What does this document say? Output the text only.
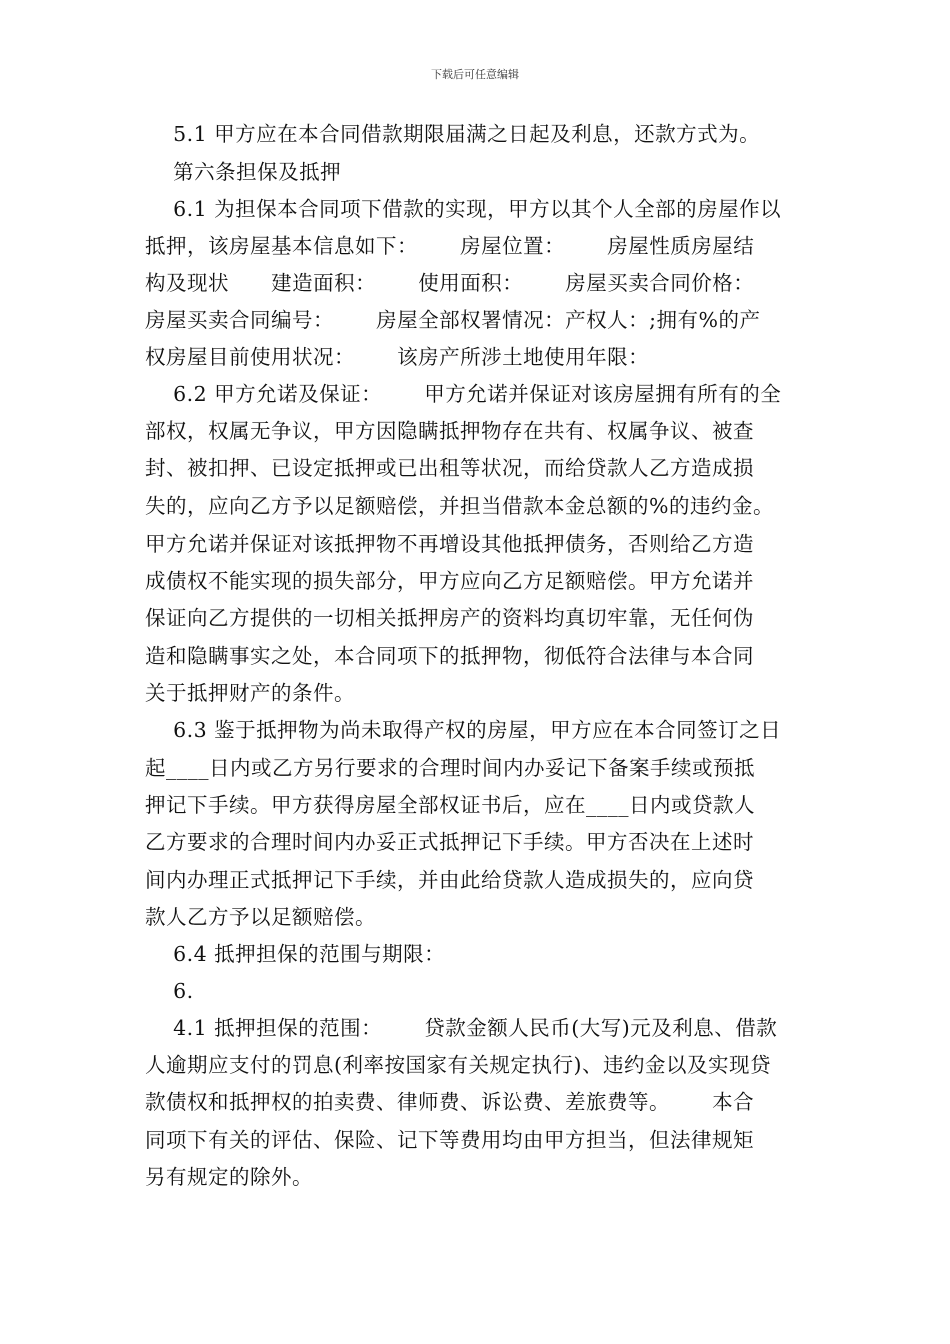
下载后可任意编辑
5.1 甲方应在本合同借款期限届满之日起及利息，还款方式为。
第六条担保及抵押
6.1 为担保本合同项下借款的实现，甲方以其个人全部的房屋作以
抵押，该房屋基本信息如下：      房屋位置：      房屋性质房屋结
构及现状      建造面积：      使用面积：      房屋买卖合同价格：
房屋买卖合同编号：      房屋全部权署情况：产权人：;拥有%的产
权房屋目前使用状况：      该房产所涉土地使用年限：
6.2 甲方允诺及保证：      甲方允诺并保证对该房屋拥有所有的全
部权，权属无争议，甲方因隐瞒抵押物存在共有、权属争议、被查
封、被扣押、已设定抵押或已出租等状况，而给贷款人乙方造成损
失的，应向乙方予以足额赔偿，并担当借款本金总额的%的违约金。
甲方允诺并保证对该抵押物不再增设其他抵押债务，否则给乙方造
成债权不能实现的损失部分，甲方应向乙方足额赔偿。甲方允诺并
保证向乙方提供的一切相关抵押房产的资料均真切牢靠，无任何伪
造和隐瞒事实之处，本合同项下的抵押物，彻低符合法律与本合同
关于抵押财产的条件。
6.3 鉴于抵押物为尚未取得产权的房屋，甲方应在本合同签订之日
起____日内或乙方另行要求的合理时间内办妥记下备案手续或预抵
押记下手续。甲方获得房屋全部权证书后，应在____日内或贷款人
乙方要求的合理时间内办妥正式抵押记下手续。甲方否决在上述时
间内办理正式抵押记下手续，并由此给贷款人造成损失的，应向贷
款人乙方予以足额赔偿。
6.4 抵押担保的范围与期限：
6.
4.1 抵押担保的范围：      贷款金额人民币(大写)元及利息、借款
人逾期应支付的罚息(利率按国家有关规定执行)、违约金以及实现贷
款债权和抵押权的拍卖费、律师费、诉讼费、差旅费等。      本合
同项下有关的评估、保险、记下等费用均由甲方担当，但法律规矩
另有规定的除外。
